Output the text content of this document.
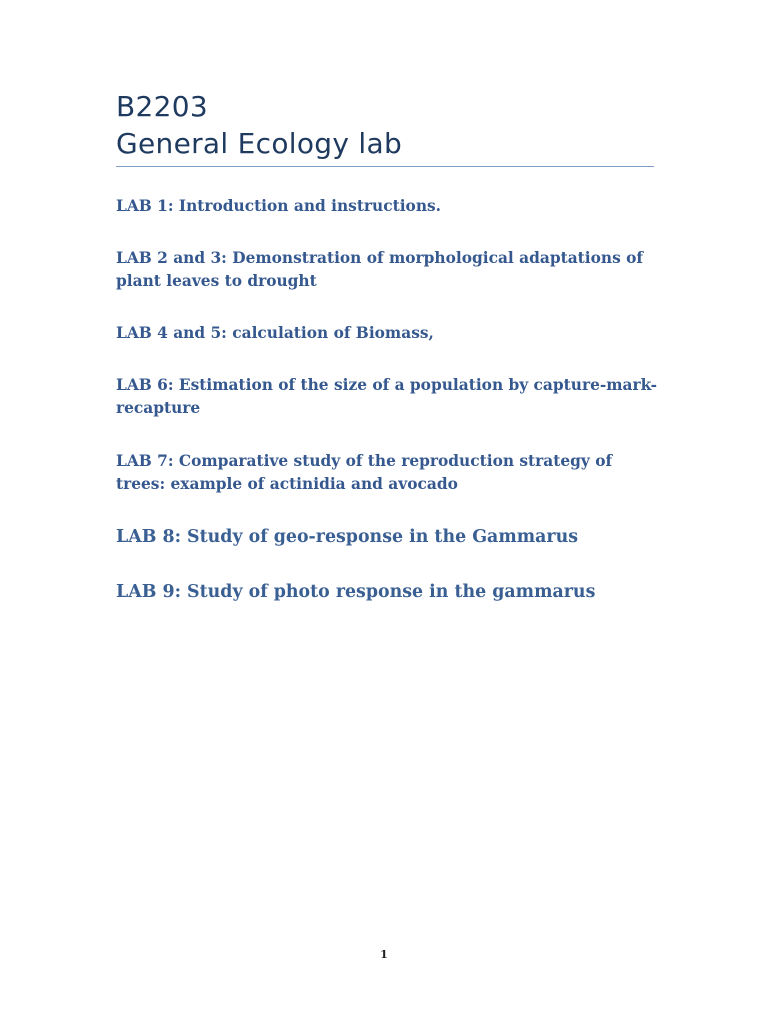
B2203
General Ecology lab
LAB 1: Introduction and instructions.
LAB 2 and 3: Demonstration of morphological adaptations of plant leaves to drought
LAB 4 and 5: calculation of Biomass,
LAB 6: Estimation of the size of a population by capture-mark-recapture
LAB 7: Comparative study of the reproduction strategy of trees: example of actinidia and avocado
LAB 8: Study of geo-response in the Gammarus
LAB 9: Study of photo response in the gammarus
1
